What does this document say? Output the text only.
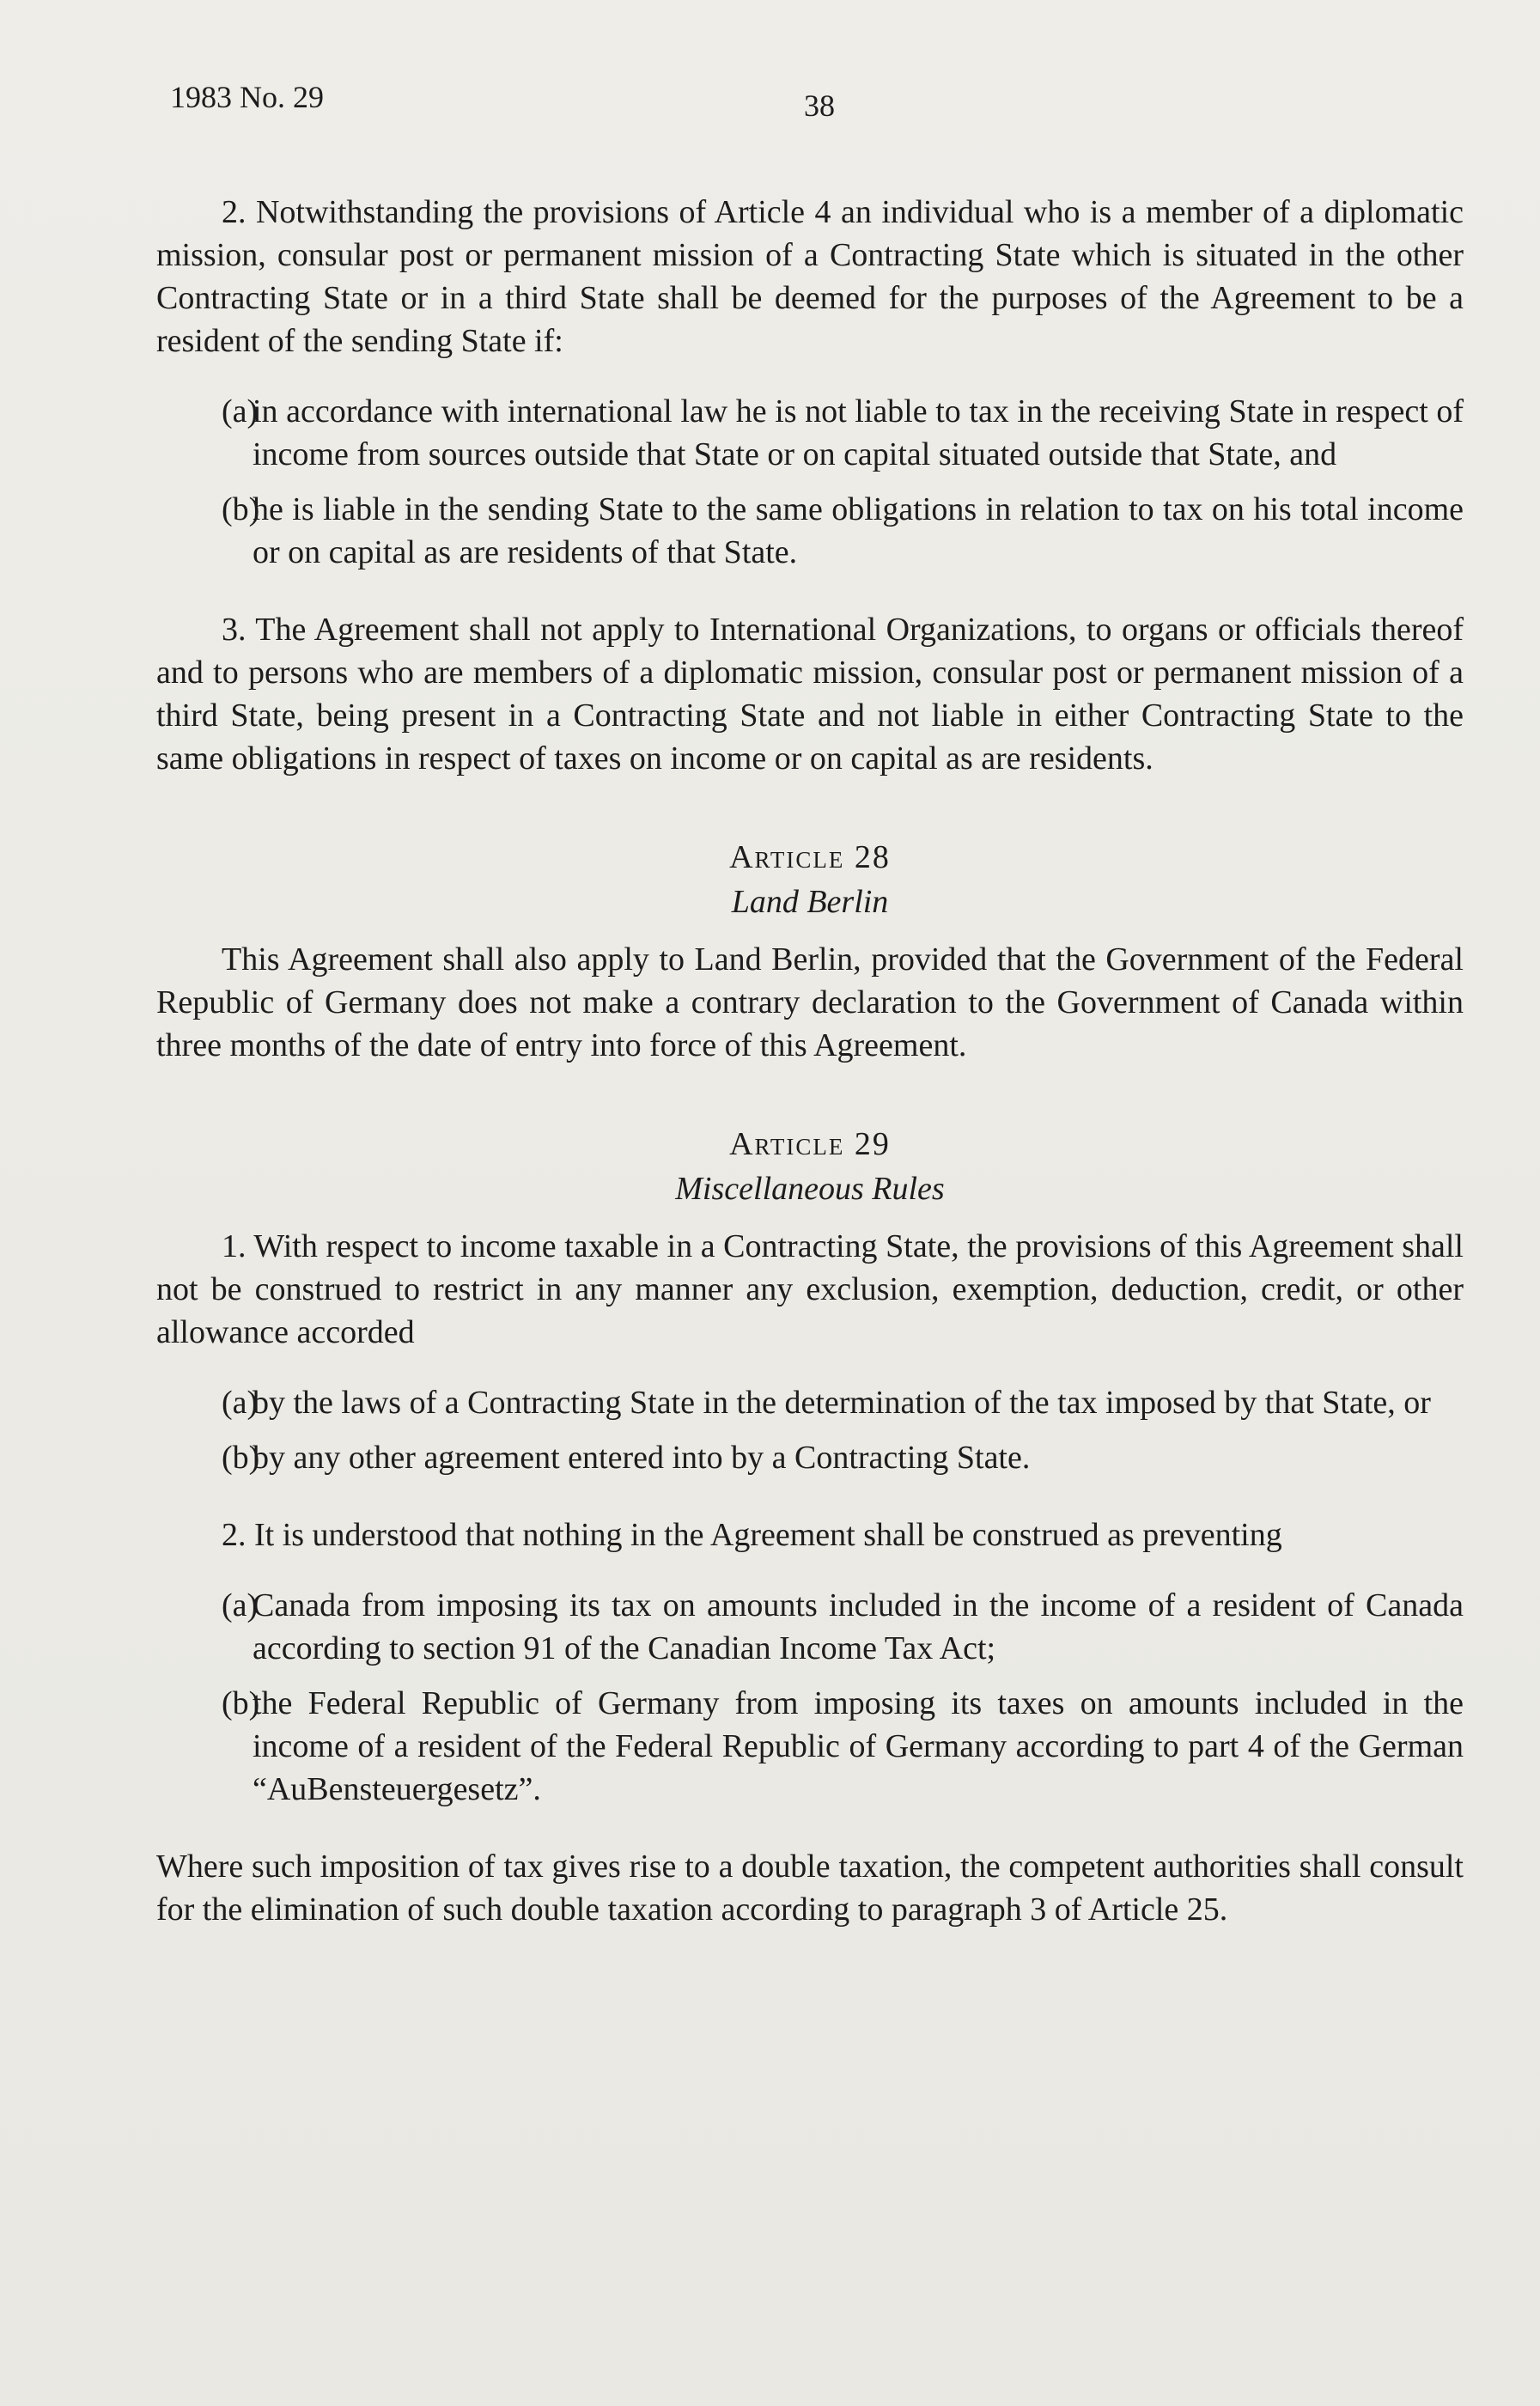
1983 No. 29	38

2. Notwithstanding the provisions of Article 4 an individual who is a member of a diplomatic mission, consular post or permanent mission of a Contracting State which is situated in the other Contracting State or in a third State shall be deemed for the purposes of the Agreement to be a resident of the sending State if:

(a)
in accordance with international law he is not liable to tax in the receiving State in respect of income from sources outside that State or on capital situated outside that State, and
(b)
he is liable in the sending State to the same obligations in relation to tax on his total income or on capital as are residents of that State.

3. The Agreement shall not apply to International Organizations, to organs or officials thereof and to persons who are members of a diplomatic mission, consular post or permanent mission of a third State, being present in a Contracting State and not liable in either Contracting State to the same obligations in respect of taxes on income or on capital as are residents.

Article 28
Land Berlin

This Agreement shall also apply to Land Berlin, provided that the Government of the Federal Republic of Germany does not make a contrary declaration to the Government of Canada within three months of the date of entry into force of this Agreement.

Article 29
Miscellaneous Rules

1. With respect to income taxable in a Contracting State, the provisions of this Agreement shall not be construed to restrict in any manner any exclusion, exemption, deduction, credit, or other allowance accorded

(a)
by the laws of a Contracting State in the determination of the tax imposed by that State, or
(b)
by any other agreement entered into by a Contracting State.

2. It is understood that nothing in the Agreement shall be construed as preventing

(a)
Canada from imposing its tax on amounts included in the income of a resident of Canada according to section 91 of the Canadian Income Tax Act;
(b)
the Federal Republic of Germany from imposing its taxes on amounts included in the income of a resident of the Federal Republic of Germany according to part 4 of the German “AuBensteuergesetz”.

Where such imposition of tax gives rise to a double taxation, the competent authorities shall consult for the elimination of such double taxation according to paragraph 3 of Article 25.
